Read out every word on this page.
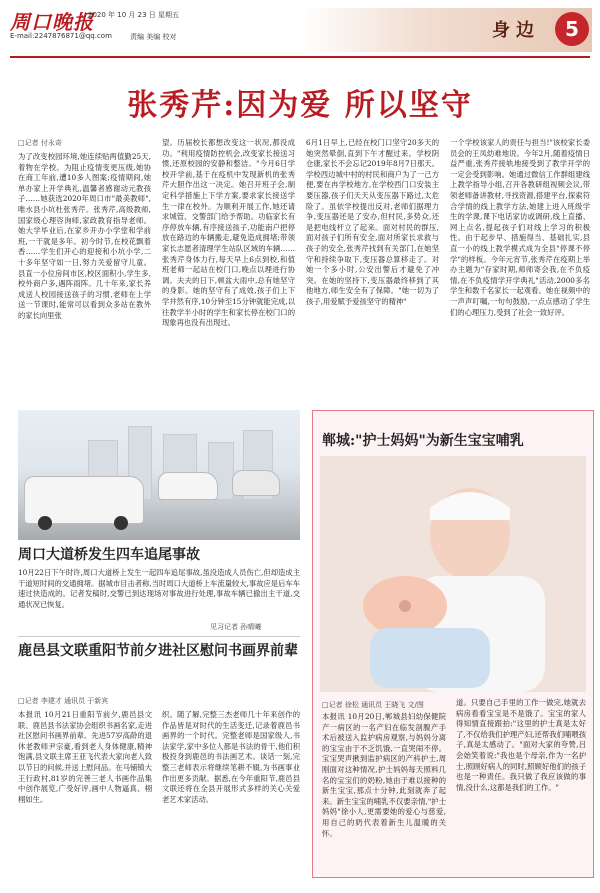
周口晚报
2020 年 10 月 23 日 星期五
E-mail:2247876871@qq.com	责编 美编 校对	身边	5
张秀芹:因为爱 所以坚守
□记者 付永奇
为了改变校园环境,她连续贴两值勤25天,着物在学校。为阻止疫情变更压级,她协在商工年前,遭10多人图案;疫情期间,她单办家上开学典礼,温馨者感谢动元教孩子……她获选2020年周口市"最美教师",唯水县小坑杜张秀芹。张秀芹,高级教师,国家级心理咨询师,家政教育指导老师。她大学毕业后,在家乡开办小学堂和学前班,一干就是多年。初今时节,在校花飘着香……学生们开心的迎接和小坑小学,二十多年坚守如一日,努力关爱留守儿童。县直一小位房间市区,校区面积小,学生多,校外商户多,遇阵雨阵。几十年来,家长养成送人校园接送孩子的习惯,老师在上学送一节课时,能常可以看到众多站在教外的家长向里张
望。历届校长都想改变这一状况,都没成功。"利用疫情防控机会,改变家长接送习惯,还原校园的安静和整洁。"今月6日学校开学前,基于在疫机中发现新机的张秀芹大胆作出这一决定。她召开班子会,制定科学措施上下学方案,要求家长接送学生一律在校外。为顺利开展工作,她还请求城管、交警部门给予帮助。功临家长有序停放车辆,有序接送孩子,功能南户把停放在路边的车辆搬走,避免造成拥堵;带领家长志愿者清理学生站队区域的车辆……张秀芹身体力行,每天早上6点到校,和值班老师一起站在校门口,晚点以理进行协调。夫夫的日下,顿盆大雨中,总有她坚守的身影。她的坚守有了成效,孩子们上下学井然有序,10分钟至15分钟就能完成,以往教学半小时的学生和家长停在校门口的现象再也没有出现过。
6月1日早上,已经在校门口坚守20多天的她突然晕倒,直到下午才醒过来。学校阴仓康,家长不会忘记2019年8月7日那天。学校西边城中村的村民和商户为了一己方便,要在冉学校地方,在学校西门口安装主要压器,孩子们天天从变压器下路过,太危险了。虽依学校提出反对,老师们据理力争,变压器还是了安办,但村民,多势众,还是把电线杆立了起来。面对村民的群压,面对孩子们所有安全,面对所家长求救与孩子的安全,张秀芹找到有关部门,在她坚守和持续争取下,变压器总算移走了。对她一个多小时,公安出警后才避免了冲突。在她的坚持下,变压器最终移到了其他地方,师生安全有了保障。"她一切为了孩子,用爱赋予爱孩坚守的精神"
一个学校该家人的责任与担当!"该校家长委员会的王凤幼难地说。今年2月,随着疫情日益严重,张秀芹接轨地接受到了教学开学的一定会受到影响。她通过微信工作群组建线上教学指导小组,召开各教研组视频会议,带领老师备讲教材,寻找资源,搭建平台,探索符合学情的线上教学方法,她建上进入班级学生的学课,课下电话家访或调研,线上直播、网上点名,提起孩子们对线上学习的积极性。由于起步早、措施得当、基础扎实,县直一小的线上教学模式成为全县"停课不停学"的样板。今年元宵节,张秀芹在疫期上举办主题为"存家时期,师师寄会我,在不负疫情,在不负疫情学开学典礼"活动,2000多名学生和数千名家长一起观看。她在视频中的一声声叮嘱,一句句鼓励,一点点感动了学生们的心理压力,受到了社会一致好评。
周口大道桥发生四车追尾事故
10月22日下午时许,周口大道桥上发生一起四车追尾事故,虽没造成人员伤亡,但却造成主干道短时间的交通拥堵。据城市目击者称,当时周口大道桥上车流量较大,事故应是后车车速过快造成的。记者发稿时,交警已到达现场对事故进行处理,事故车辆已撤出主干道,交通状况已恢复。
见习记者 孙晴曦
郸城:"护士妈妈"为新生宝宝哺乳
□记者 徐松 通讯员 王晓飞 文/图
本报讯 10月20日,郸城县妇幼保健院产一病区的一名产妇在临发剖腹产手术后被送入监护病房观察,与妈妈分离的宝宝由于不乏饥饿,一直哭闹不停。宝宝哭声揪到监护病区的产科护士,周刚面对这种情况,护士妈妈每天照料几名的宝宝们的奶粉,她由于难以接种的新生宝宝,那点十分钟,此刻就奔了起来。新生宝宝的哺乳不仅要亲情,"护士妈妈"徐小人,更需要她的爱心与慈爱,用自己的奶代表着新生儿温暖的关怀。
道。只要自己手里的工作一做完,她就去病房看看宝宝是不是饿了。宝宝的家人得知情直接跟拍:"这里的护士真是太好了,不仅给我们护理产妇,还帮我们哺喂孩子,真是太感动了。"面对大家的夸赞,吕会始笑着说:"我也是个母亲,作为一名护士,照顾好病人的同时,照顾好他们的孩子也是一种责任。我只做了我应该做的事情,没什么,这都是我们的工作。"
鹿邑县文联重阳节前夕进社区慰问书画界前辈
□记者 李建才 通讯员 于新宾
本报讯 10月21日重阳节前夕,鹿邑县文联、鹿邑县书法家协会组织书画名家,走进社区慰问书画界前辈。先进57岁高龄的退休老教师尹宗豪,看到老人身体健康,精神饱满,县文联主席王亚飞代表大家向老人致以节日的问候,并送上慰问品。在马铺镇大王行政村,81岁的完善三老人书画作品集中创作展览,广受好评,画中人物逼真、栩栩如生。
织。随了解,完整三杰老师几十年来创作的作品皆是对时代的生活变迁,记录着鹿邑书画界的一个时代。完整老师是国家级人,书法家学,家中多位人都是书法的骨干,他们积极投身到鹿邑的书法画艺术。谈话一刻,完整三老师表示将继续笔耕不辍,为书画事业作出更多贡献。据悉,在今年重阳节,鹿邑县文联还将在全县开展形式多样的关心关爱老艺术家活动。
